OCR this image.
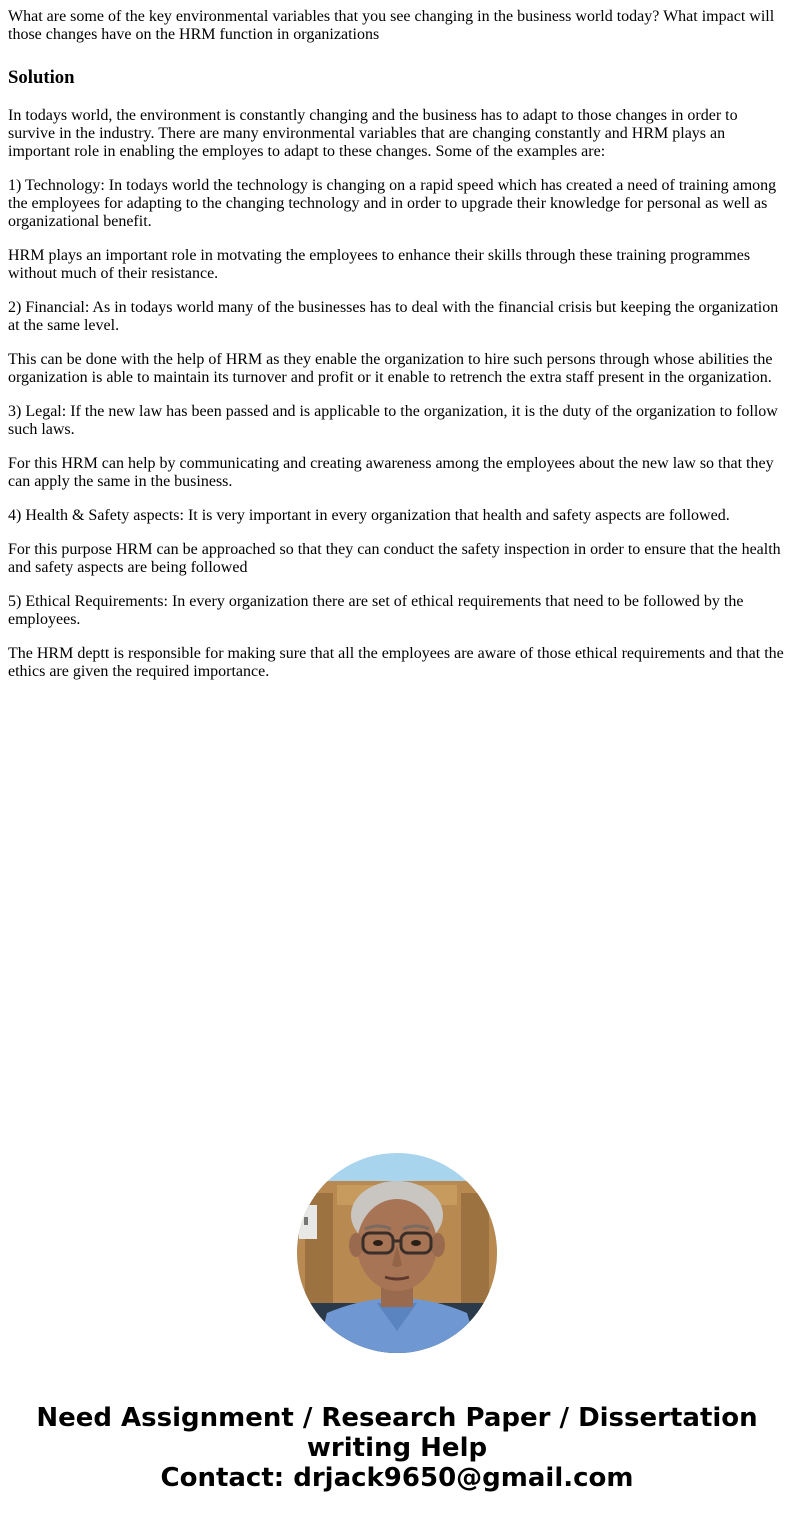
What are some of the key environmental variables that you see changing in the business world today? What impact will those changes have on the HRM function in organizations

Solution

In todays world, the environment is constantly changing and the business has to adapt to those changes in order to survive in the industry. There are many environmental variables that are changing constantly and HRM plays an important role in enabling the employes to adapt to these changes. Some of the examples are:

1) Technology: In todays world the technology is changing on a rapid speed which has created a need of training among the employees for adapting to the changing technology and in order to upgrade their knowledge for personal as well as organizational benefit.

HRM plays an important role in motvating the employees to enhance their skills through these training programmes without much of their resistance.

2) Financial: As in todays world many of the businesses has to deal with the financial crisis but keeping the organization at the same level.

This can be done with the help of HRM as they enable the organization to hire such persons through whose abilities the organization is able to maintain its turnover and profit or it enable to retrench the extra staff present in the organization.

3) Legal: If the new law has been passed and is applicable to the organization, it is the duty of the organization to follow such laws.

For this HRM can help by communicating and creating awareness among the employees about the new law so that they can apply the same in the business.

4) Health & Safety aspects: It is very important in every organization that health and safety aspects are followed.

For this purpose HRM can be approached so that they can conduct the safety inspection in order to ensure that the health and safety aspects are being followed

5) Ethical Requirements: In every organization there are set of ethical requirements that need to be followed by the employees.

The HRM deptt is responsible for making sure that all the employees are aware of those ethical requirements and that the ethics are given the required importance.

Need Assignment / Research Paper / Dissertation
writing Help
Contact: drjack9650@gmail.com
